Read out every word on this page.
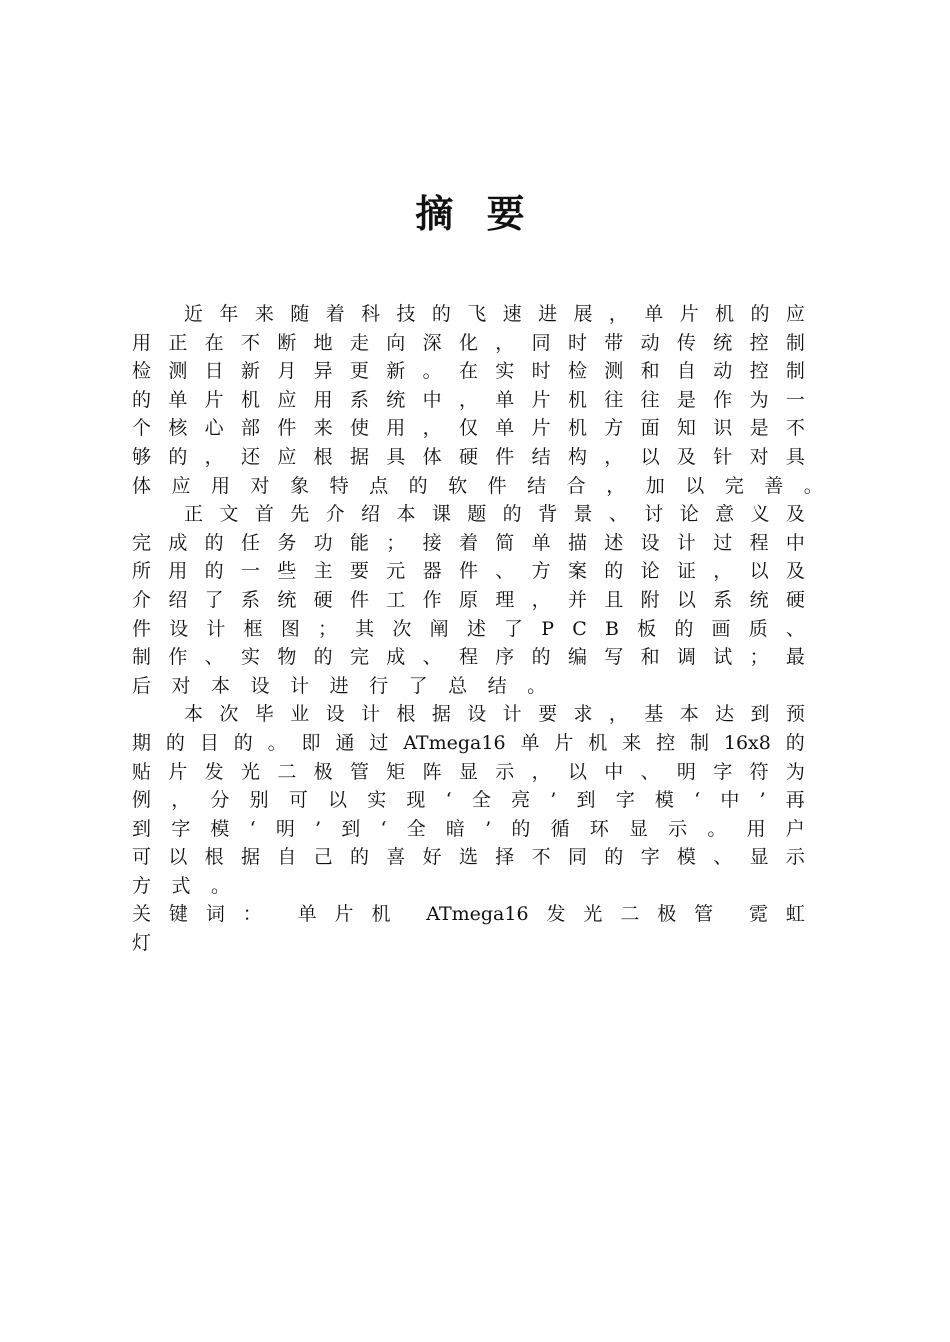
摘 要
近 年 来 随 着 科 技 的 飞 速 进 展 ， 单 片 机 的 应
用 正 在 不 断 地 走 向 深 化 ， 同 时 带 动 传 统 控 制
检 测 日 新 月 异 更 新 。 在 实 时 检 测 和 自 动 控 制
的 单 片 机 应 用 系 统 中 ， 单 片 机 往 往 是 作 为 一
个 核 心 部 件 来 使 用 ， 仅 单 片 机 方 面 知 识 是 不
够 的 ， 还 应 根 据 具 体 硬 件 结 构 ， 以 及 针 对 具
体 应 用 对 象 特 点 的 软 件 结 合 ， 加 以 完 善 。
正 文 首 先 介 绍 本 课 题 的 背 景 、 讨 论 意 义 及
完 成 的 任 务 功 能 ； 接 着 简 单 描 述 设 计 过 程 中
所 用 的 一 些 主 要 元 器 件 、 方 案 的 论 证 ， 以 及
介 绍 了 系 统 硬 件 工 作 原 理 ， 并 且 附 以 系 统 硬
件 设 计 框 图 ； 其 次 阐 述 了 P C B 板 的 画 质 、
制 作 、 实 物 的 完 成 、 程 序 的 编 写 和 调 试 ； 最
后 对 本 设 计 进 行 了 总 结 。
本 次 毕 业 设 计 根 据 设 计 要 求 ， 基 本 达 到 预
期 的 目 的 。 即 通 过 ATmega16 单 片 机 来 控 制 16x8 的
贴 片 发 光 二 极 管 矩 阵 显 示 ， 以 中 、 明 字 符 为
例 ， 分 别 可 以 实 现 ‘ 全 亮 ’ 到 字 模 ‘ 中 ’ 再
到 字 模 ‘ 明 ’ 到 ‘ 全 暗 ’ 的 循 环 显 示 。 用 户
可 以 根 据 自 己 的 喜 好 选 择 不 同 的 字 模 、 显 示
方 式 。
关 键 词 ： 单 片 机 ATmega16 发 光 二 极 管 霓 虹
灯
